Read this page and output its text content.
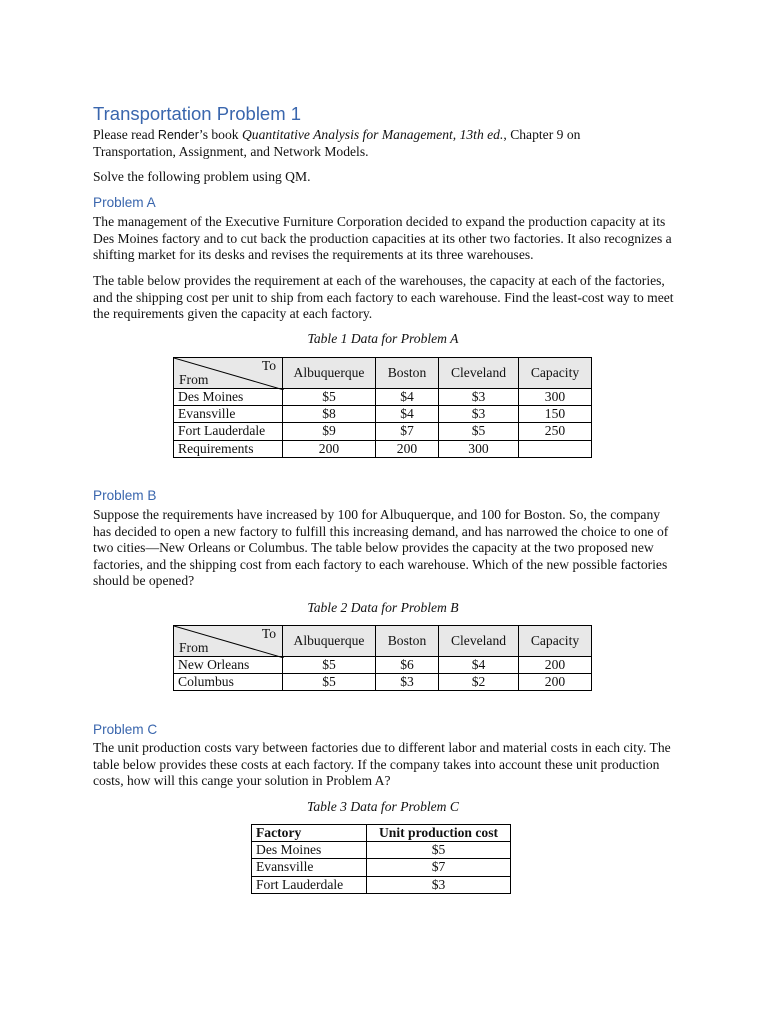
Transportation Problem 1

Please read Render’s book Quantitative Analysis for Management, 13th ed., Chapter 9 on
Transportation, Assignment, and Network Models.

Solve the following problem using QM.
Problem A
The management of the Executive Furniture Corporation decided to expand the production capacity at its Des Moines factory and to cut back the production capacities at its other two factories. It also recognizes a shifting market for its desks and revises the requirements at its three warehouses.
The table below provides the requirement at each of the warehouses, the capacity at each of the factories, and the shipping cost per unit to ship from each factory to each warehouse. Find the least-cost way to meet the requirements given the capacity at each factory.
Table 1 Data for Problem A
To
From	Albuquerque	Boston	Cleveland	Capacity
Des Moines	$5	$4	$3	300
Evansville	$8	$4	$3	150
Fort Lauderdale	$9	$7	$5	250
Requirements	200	200	300	
Problem B
Suppose the requirements have increased by 100 for Albuquerque, and 100 for Boston. So, the company has decided to open a new factory to fulfill this increasing demand, and has narrowed the choice to one of two cities—New Orleans or Columbus. The table below provides the capacity at the two proposed new factories, and the shipping cost from each factory to each warehouse. Which of the new possible factories should be opened?
Table 2 Data for Problem B
To
From	Albuquerque	Boston	Cleveland	Capacity
New Orleans	$5	$6	$4	200
Columbus	$5	$3	$2	200
Problem C
The unit production costs vary between factories due to different labor and material costs in each city. The table below provides these costs at each factory. If the company takes into account these unit production costs, how will this cange your solution in Problem A?
Table 3 Data for Problem C
Factory	Unit production cost
Des Moines	$5
Evansville	$7
Fort Lauderdale	$3
